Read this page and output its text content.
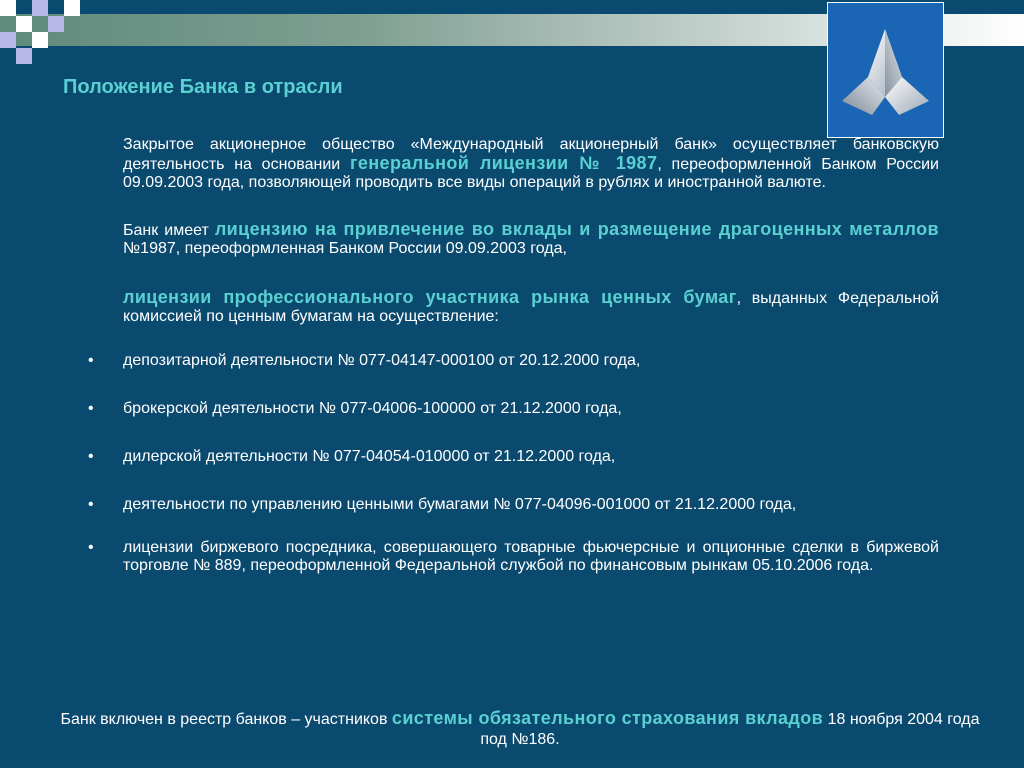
Положение Банка в отрасли

Закрытое акционерное общество «Международный акционерный банк» осуществляет банковскую деятельность на основании генеральной лицензии № 1987, переоформленной Банком России 09.09.2003 года, позволяющей проводить все виды операций в рублях и иностранной валюте.

Банк имеет лицензию на привлечение во вклады и размещение драгоценных металлов №1987, переоформленная Банком России 09.09.2003 года,

лицензии профессионального участника рынка ценных бумаг, выданных Федеральной комиссией по ценным бумагам на осуществление:

• депозитарной деятельности № 077-04147-000100 от 20.12.2000 года,
• брокерской деятельности № 077-04006-100000 от 21.12.2000 года,
• дилерской деятельности № 077-04054-010000 от 21.12.2000 года,
• деятельности по управлению ценными бумагами № 077-04096-001000 от 21.12.2000 года,
• лицензии биржевого посредника, совершающего товарные фьючерсные и опционные сделки в биржевой торговле № 889, переоформленной Федеральной службой по финансовым рынкам 05.10.2006 года.
Банк включен в реестр банков – участников системы обязательного страхования вкладов 18 ноября 2004 года под №186.
